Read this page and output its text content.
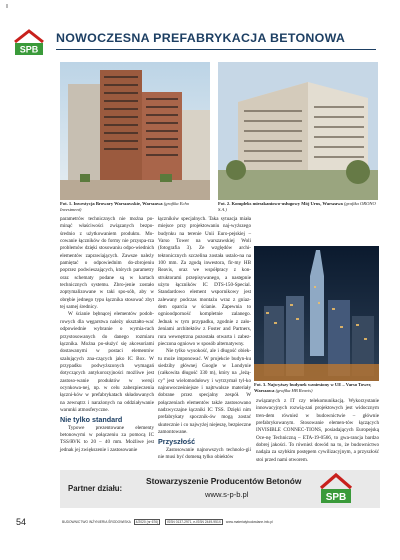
SPB
NOWOCZESNA PREFABRYKACJA BETONOWA
Fot. 1. Inwestycja Browary Warszawskie, Warszawa (grafika Echo Investment)
Fot. 2. Kompleks mieszkaniowo-usługowy Mój Urus, Warszawa (grafika ORONO S.A.)

parametrów technicznych nie można po-minąć właściwości związanych bezpo-średnio z użytkowaniem produktu. Mo-cowanie łączników do formy nie przyspa-rza problemów dzięki stosowaniu odpo-wiednich elementów zaprawiających. Zawsze należy pamiętać o odpowiednim do-zbrojeniu poprzez podwieszających, których parametry oraz schematy podane są w kartach technicznych systemu. Zbro-jenie zostało zoptymalizowane w taki spo-sób, aby w obrębie jednego typu łącznika stosować zbyt tej samej średnicy.

W ścianie bębnącej elementów podob-rowych dla węgarstwa należy ukształto-wać odpowiednie wybranie o wymia-rach przystosowanych do danego rozmiaru łącznika. Można po-służyć się akcesoriami dostawanymi w postaci elementów szalujących zna-czących jako IC Box. W przypadku podwyższonych wymagań dotyczących antykorozyjności możliwe jest zastoso-wanie produktów w wersji ocynkowa-nej, np. w celu zabezpieczenia łączni-ków w prefabrykatach składowanych na zewnątrz i narażonych na oddziaływanie warunki atmosferyczne.

Nie tylko standard

Typowe prezentowane elementy betonowymi w połączeniu za pomocą IC TSS/RVK to 20 – 40 mm. Możliwe jest jednak jej zwiększenie i zastosowanie

łączników specjalnych. Taka sytuacja miała miejsce przy projektowaniu naj-wyższego budynku na terenie Unii Euro-pejskiej – Varso Tower na warszawskiej Woli (fotografia 3). Ze względów archi-tektonicznych szczelina została ustalo-na na 100 mm. Za zgodą inwestora, fir-my HB Reavis, oraz we współpracy z kon-struktorami przepisywanego, a następnie użyto łączników IC DTS-150-Special. Standardowo element wspornikowy jest zalewany podczas montażu wraz z gniaz-dem oparcia w ścianie. Zapewnia to ognioodporność kompletnie zalanego. Jednak w tym przypadku, zgodnie z zało-żeniami architektów z Foster and Partners, rura wewnętrzna pozostała otwarta i zabez-pieczona ogniowo w sposób alternatywny.

Nie tylko wysokość, ale i długość obiek-tu może imponować. W projekcie budyn-ku siedziby głównej Google w Londynie (całkowita długość 330 m), który na „leżą-cy” jest wielomodułowy i wytrzymał tyl-ko najnowocześniejsze i najtrwalsze materiały dobrane przez specjalny zespół. W połączeniach elementów także zastosowano nadzwyczajne łączniki IC TSS. Dzięki nim prefabrykaty spocznik-ów mogą zostać skutecznie i co najwyżej niejeszę, bezpieczne zamontowane.

Przyszłość

Zastosowanie najnowszych technolo-gii nie musi być domeną tylko obiektów

Fot. 3. Najwyższy budynek wzniesiony w UE – Varso Tower, Warszawa (grafika HB Reavis)

związanych z IT czy telekomunikacją. Wykorzystanie innowacyjnych rozwią-zań projektowych jest widocznym tren-dem również w budownictwie – głównie prefabrykowanym. Stosowanie elemen-tów łączących INVISIBLE CONNEC-TIONS, posiadających Europejską Oce-nę Techniczną – ETA-19-0566, to gwa-rancja bardzo dobrej jakości. To również dowód na to, że budownictwo nadąża za szybkim postępem cywilizacyjnym, a przyszłość stoi przed nami otworem.

Partner działu:
Stowarzyszenie Producentów Betonów
www.s-p-b.pl	SPB
54	BUDOWNICTWO INŻYNIERIA ŚRODOWISKA 4/2020 (nr 676)	ISSN 0137-2971, e-ISSN 2449-951X www.materialybudowlane.info.pl
